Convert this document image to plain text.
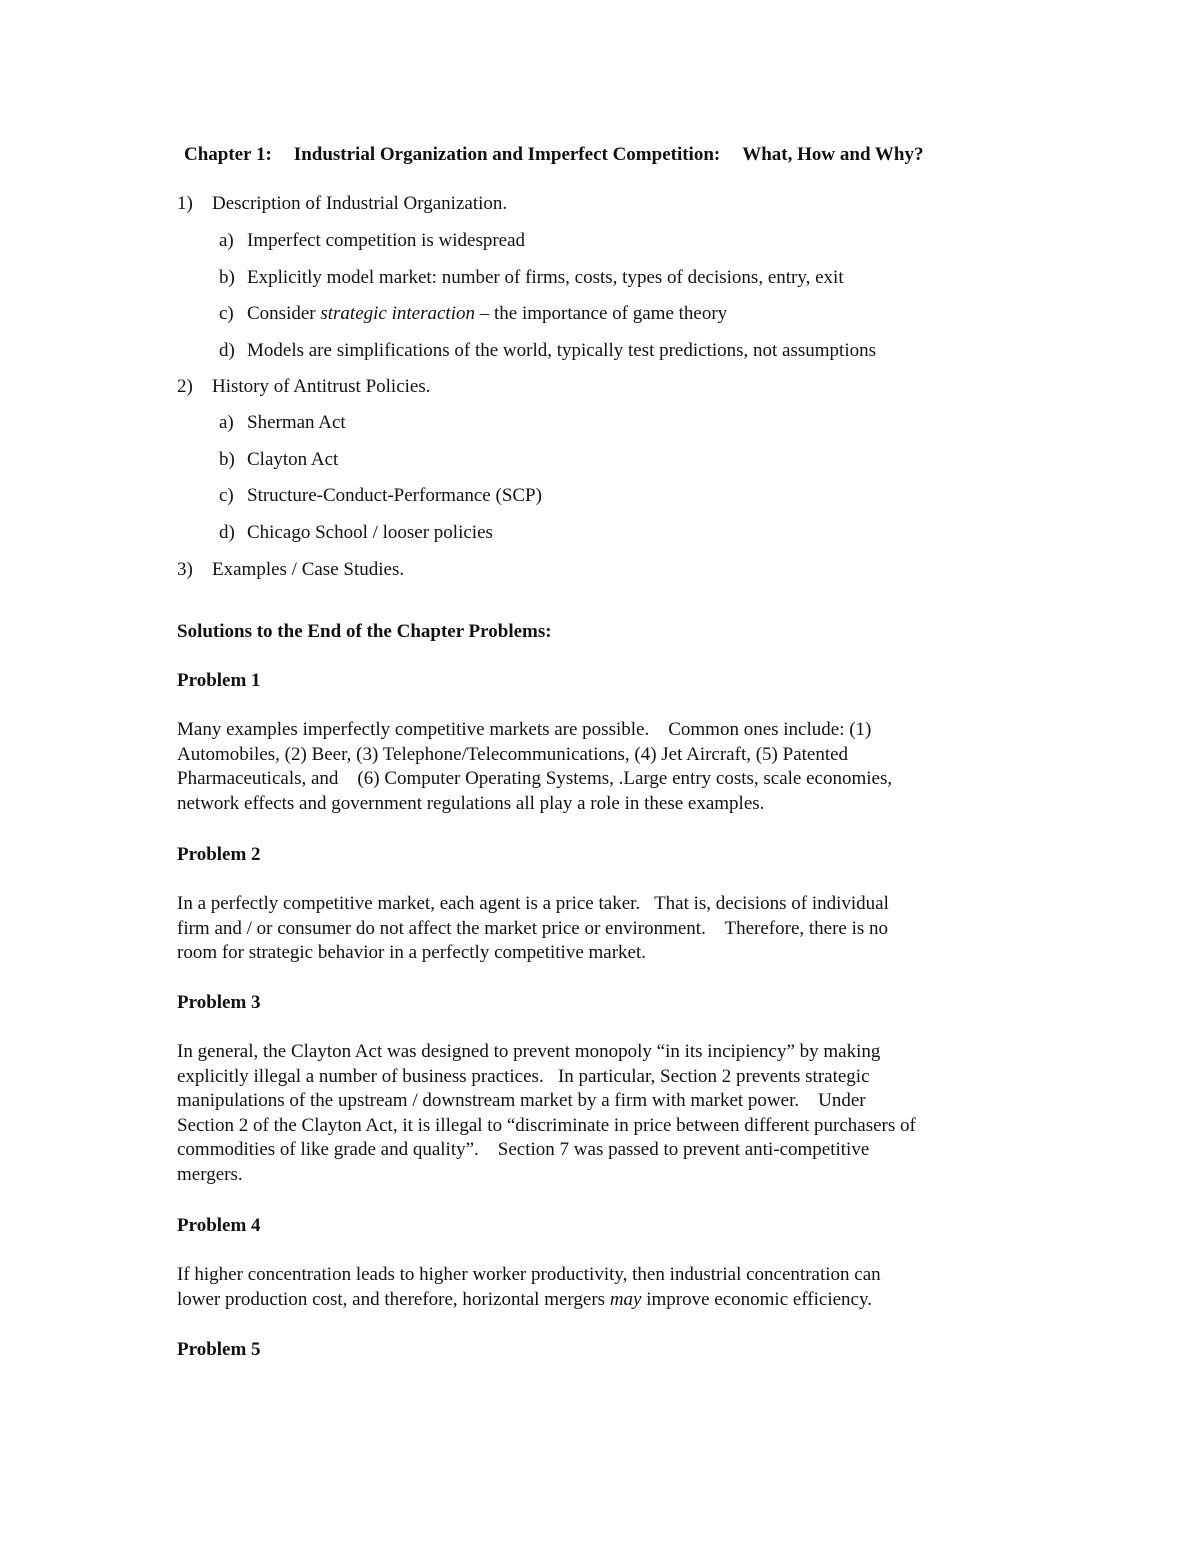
Chapter 1: Industrial Organization and Imperfect Competition: What, How and Why?
1) Description of Industrial Organization.
a) Imperfect competition is widespread
b) Explicitly model market: number of firms, costs, types of decisions, entry, exit
c) Consider strategic interaction – the importance of game theory
d) Models are simplifications of the world, typically test predictions, not assumptions
2) History of Antitrust Policies.
a) Sherman Act
b) Clayton Act
c) Structure-Conduct-Performance (SCP)
d) Chicago School / looser policies
3) Examples / Case Studies.
Solutions to the End of the Chapter Problems:
Problem 1

Many examples imperfectly competitive markets are possible.    Common ones include: (1)

Automobiles, (2) Beer, (3) Telephone/Telecommunications, (4) Jet Aircraft, (5) Patented

Pharmaceuticals, and    (6) Computer Operating Systems, .Large entry costs, scale economies,

network effects and government regulations all play a role in these examples.

Problem 2

In a perfectly competitive market, each agent is a price taker.   That is, decisions of individual

firm and / or consumer do not affect the market price or environment.    Therefore, there is no

room for strategic behavior in a perfectly competitive market.

Problem 3

In general, the Clayton Act was designed to prevent monopoly “in its incipiency” by making

explicitly illegal a number of business practices.   In particular, Section 2 prevents strategic

manipulations of the upstream / downstream market by a firm with market power.    Under

Section 2 of the Clayton Act, it is illegal to “discriminate in price between different purchasers of

commodities of like grade and quality”.    Section 7 was passed to prevent anti-competitive

mergers.

Problem 4

If higher concentration leads to higher worker productivity, then industrial concentration can

lower production cost, and therefore, horizontal mergers may improve economic efficiency.

Problem 5
